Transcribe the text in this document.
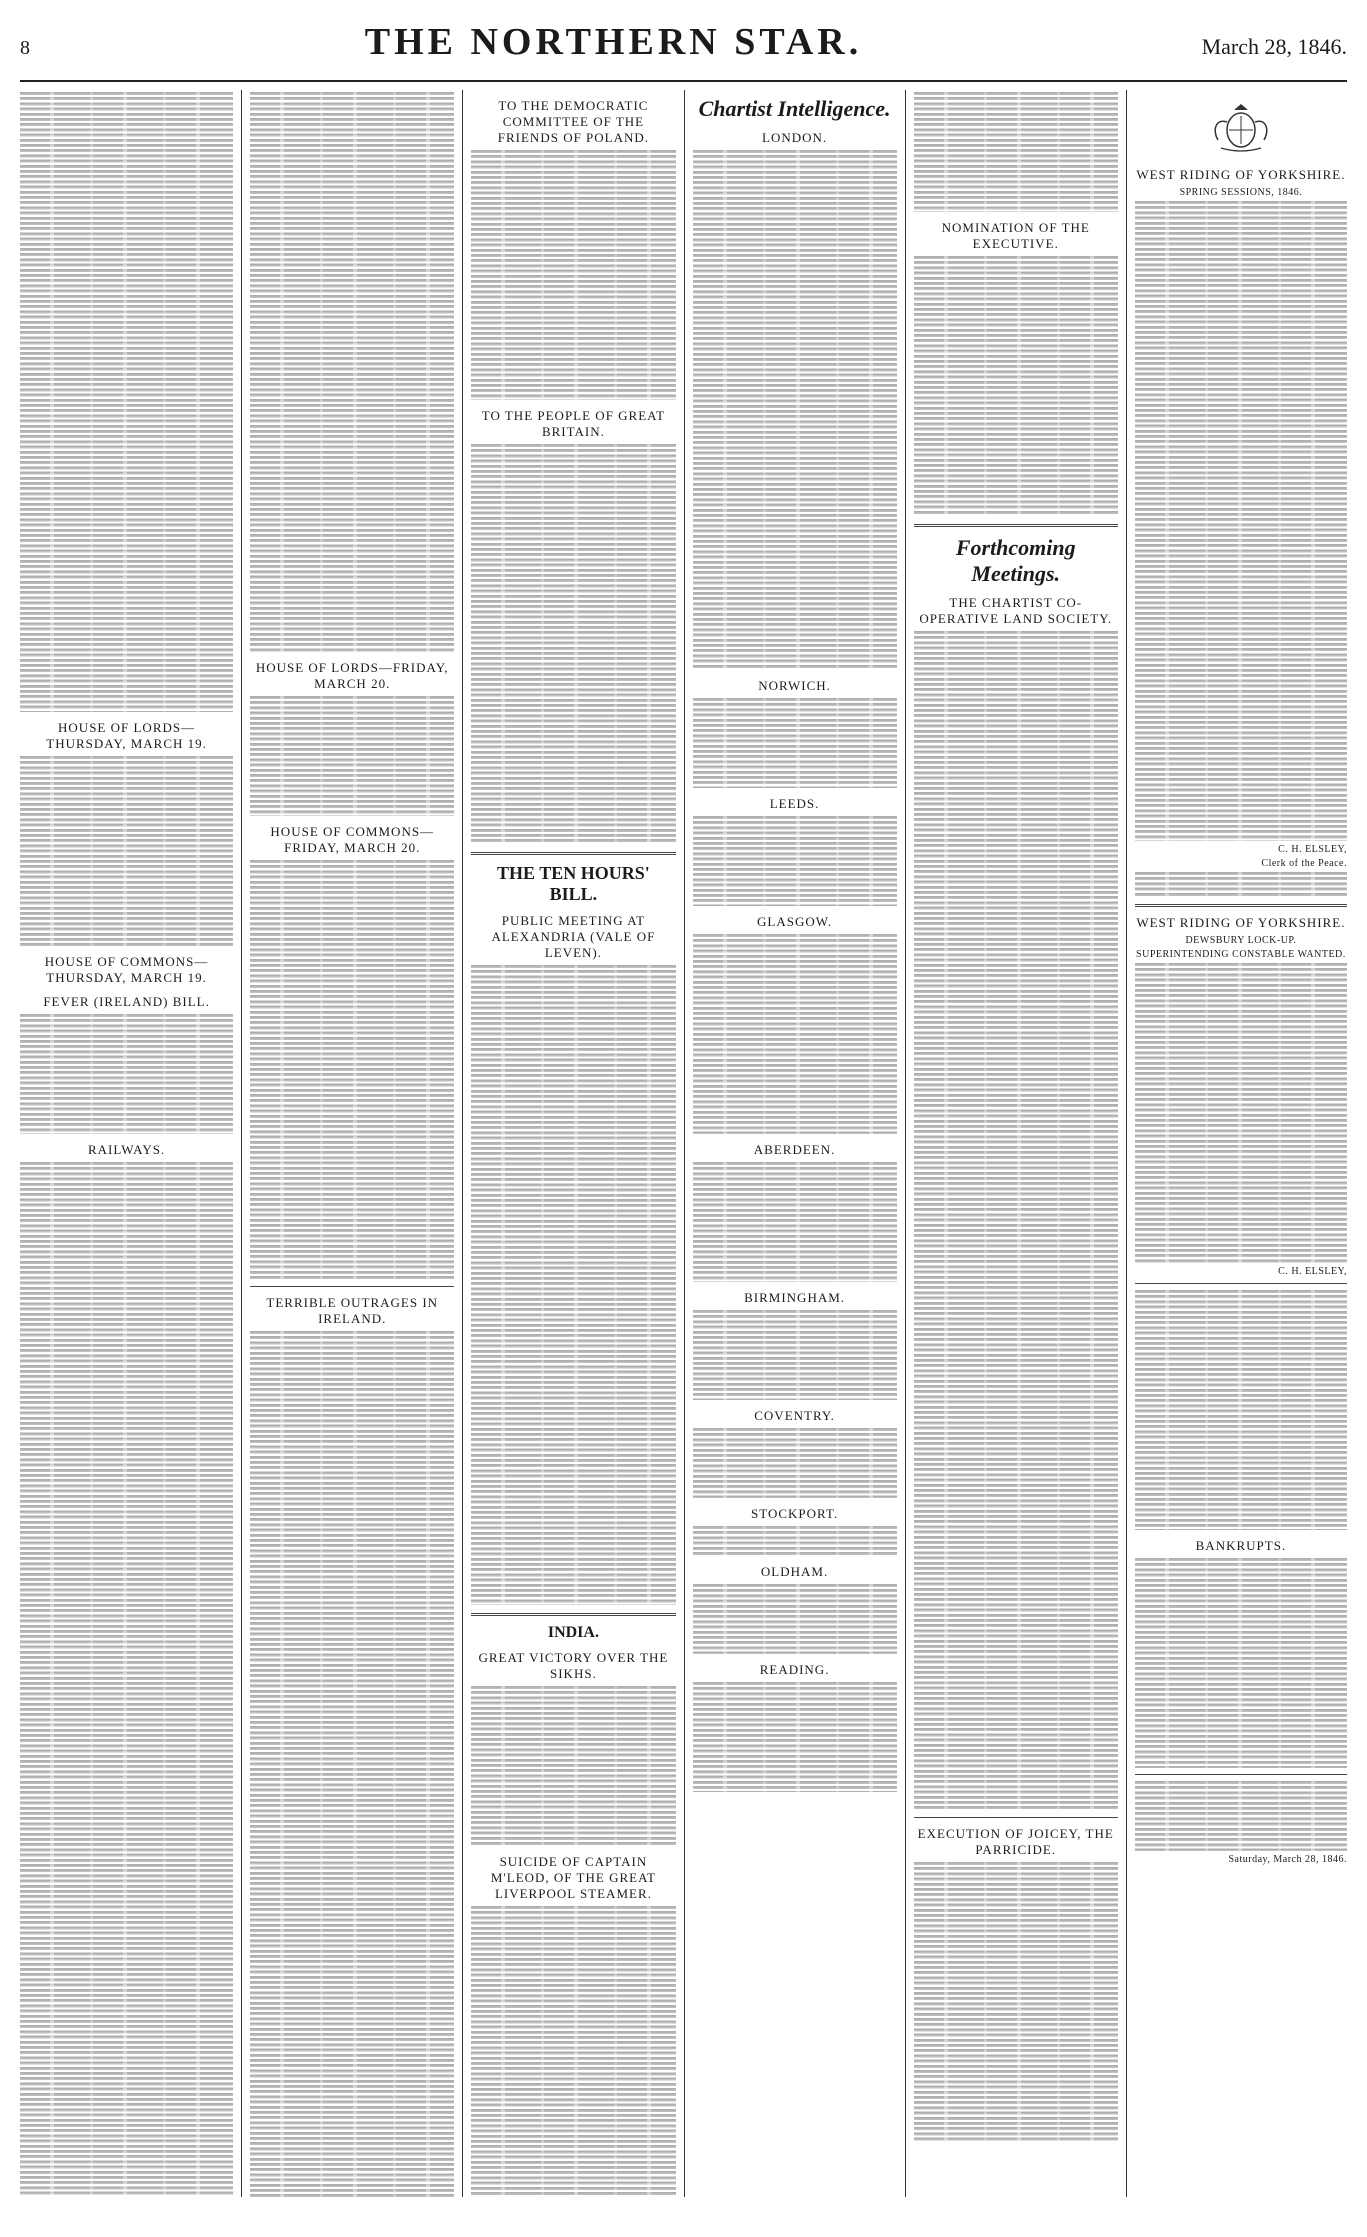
8	THE NORTHERN STAR.	March 28, 1846.
HOUSE OF LORDS—THURSDAY, MARCH 19.
HOUSE OF COMMONS—THURSDAY, MARCH 19.
FEVER (IRELAND) BILL.
RAILWAYS.
HOUSE OF LORDS—FRIDAY, MARCH 20.
HOUSE OF COMMONS—FRIDAY, MARCH 20.
TERRIBLE OUTRAGES IN IRELAND.
TO THE DEMOCRATIC COMMITTEE OF THE FRIENDS OF POLAND.
TO THE PEOPLE OF GREAT BRITAIN.
THE TEN HOURS' BILL.
PUBLIC MEETING AT ALEXANDRIA (VALE OF LEVEN).
INDIA.
GREAT VICTORY OVER THE SIKHS.
SUICIDE OF CAPTAIN M'LEOD, OF THE GREAT LIVERPOOL STEAMER.
Chartist Intelligence.
LONDON.
NORWICH.
LEEDS.
GLASGOW.
ABERDEEN.
BIRMINGHAM.
COVENTRY.
STOCKPORT.
OLDHAM.
READING.
NOMINATION OF THE EXECUTIVE.
Forthcoming Meetings.
THE CHARTIST CO-OPERATIVE LAND SOCIETY.
EXECUTION OF JOICEY, THE PARRICIDE.
WEST RIDING OF YORKSHIRE.
SPRING SESSIONS, 1846.
C. H. ELSLEY,
Clerk of the Peace.
WEST RIDING OF YORKSHIRE.
DEWSBURY LOCK-UP.
SUPERINTENDING CONSTABLE WANTED.
C. H. ELSLEY,
BANKRUPTS.
Saturday, March 28, 1846.
